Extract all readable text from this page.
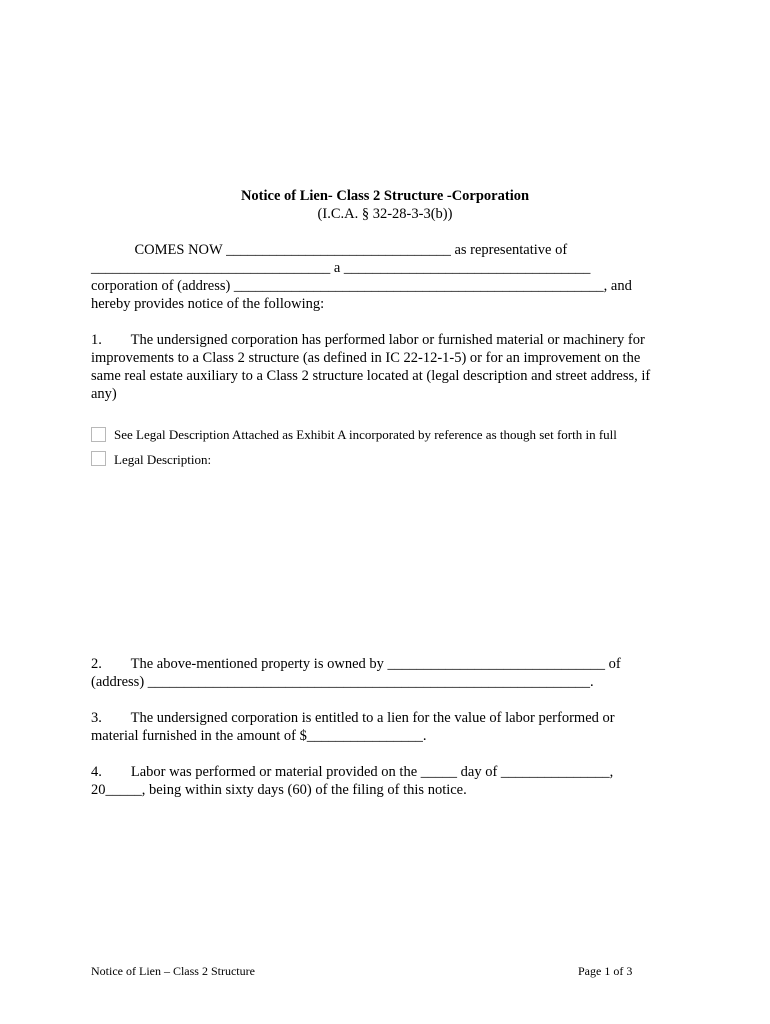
Notice of Lien- Class 2 Structure -Corporation
(I.C.A. § 32-28-3-3(b))
COMES NOW _______________________________ as representative of
_________________________________ a __________________________________
corporation of (address) ___________________________________________________, and
hereby provides notice of the following:
1.        The undersigned corporation has performed labor or furnished material or machinery for
improvements to a Class 2 structure (as defined in IC 22-12-1-5) or for an improvement on the
same real estate auxiliary to a Class 2 structure located at (legal description and street address, if
any)
See Legal Description Attached as Exhibit A incorporated by reference as though set forth in full
Legal Description:
2.        The above-mentioned property is owned by ______________________________ of
(address) _____________________________________________________________.
3.        The undersigned corporation is entitled to a lien for the value of labor performed or
material furnished in the amount of $________________.
4.        Labor was performed or material provided on the _____ day of _______________,
20_____, being within sixty days (60) of the filing of this notice.
Notice of Lien – Class 2 Structure	Page 1 of 3
